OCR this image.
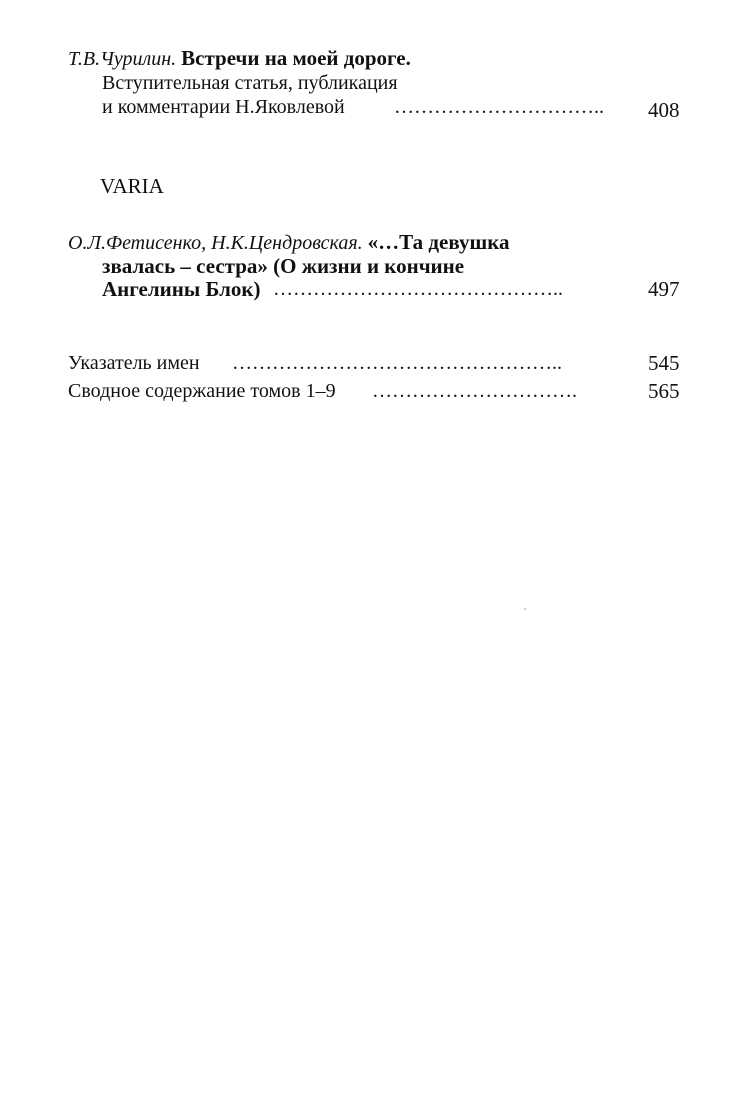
Т.В.Чурилин. Встречи на моей дороге.
Вступительная статья, публикация
и комментарии Н.Яковлевой ………………………….. 408
VARIA
О.Л.Фетисенко, Н.К.Цендровская. «…Та девушка
звалась – сестра» (О жизни и кончине
Ангелины Блок) ……………………………………..	497
Указатель имен …………………………………………..	545
Сводное содержание томов 1–9 ………………………….	565
